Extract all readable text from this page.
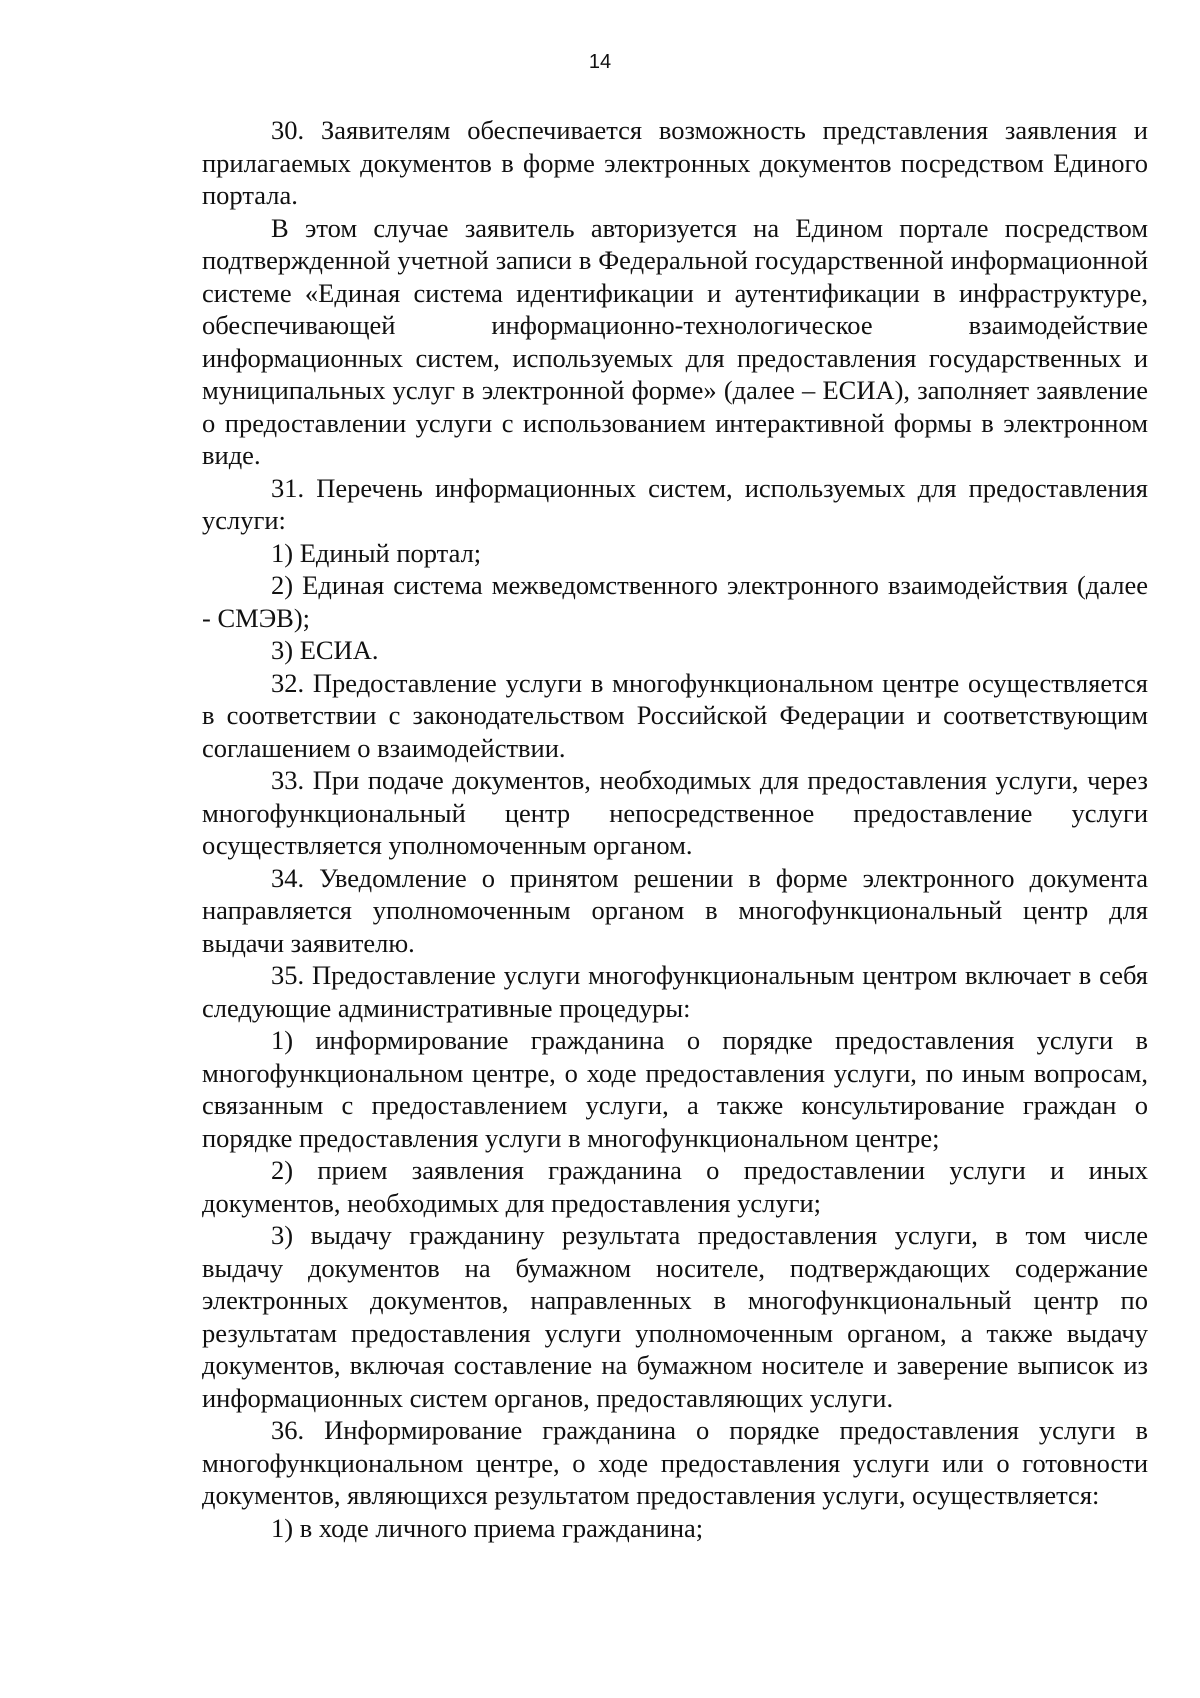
14

30. Заявителям обеспечивается возможность представления заявления и прилагаемых документов в форме электронных документов посредством Единого портала.

В этом случае заявитель авторизуется на Едином портале посредством подтвержденной учетной записи в Федеральной государственной информационной системе «Единая система идентификации и аутентификации в инфраструктуре, обеспечивающей информационно-технологическое взаимодействие информационных систем, используемых для предоставления государственных и муниципальных услуг в электронной форме» (далее – ЕСИА), заполняет заявление о предоставлении услуги с использованием интерактивной формы в электронном виде.

31. Перечень информационных систем, используемых для предоставления услуги:

1) Единый портал;

2) Единая система межведомственного электронного взаимодействия (далее - СМЭВ);

3) ЕСИА.

32. Предоставление услуги в многофункциональном центре осуществляется в соответствии с законодательством Российской Федерации и соответствующим соглашением о взаимодействии.

33. При подаче документов, необходимых для предоставления услуги, через многофункциональный центр непосредственное предоставление услуги осуществляется уполномоченным органом.

34. Уведомление о принятом решении в форме электронного документа направляется уполномоченным органом в многофункциональный центр для выдачи заявителю.

35. Предоставление услуги многофункциональным центром включает в себя следующие административные процедуры:

1) информирование гражданина о порядке предоставления услуги в многофункциональном центре, о ходе предоставления услуги, по иным вопросам, связанным с предоставлением услуги, а также консультирование граждан о порядке предоставления услуги в многофункциональном центре;

2) прием заявления гражданина о предоставлении услуги и иных документов, необходимых для предоставления услуги;

3) выдачу гражданину результата предоставления услуги, в том числе выдачу документов на бумажном носителе, подтверждающих содержание электронных документов, направленных в многофункциональный центр по результатам предоставления услуги уполномоченным органом, а также выдачу документов, включая составление на бумажном носителе и заверение выписок из информационных систем органов, предоставляющих услуги.

36. Информирование гражданина о порядке предоставления услуги в многофункциональном центре, о ходе предоставления услуги или о готовности документов, являющихся результатом предоставления услуги, осуществляется:

1) в ходе личного приема гражданина;
